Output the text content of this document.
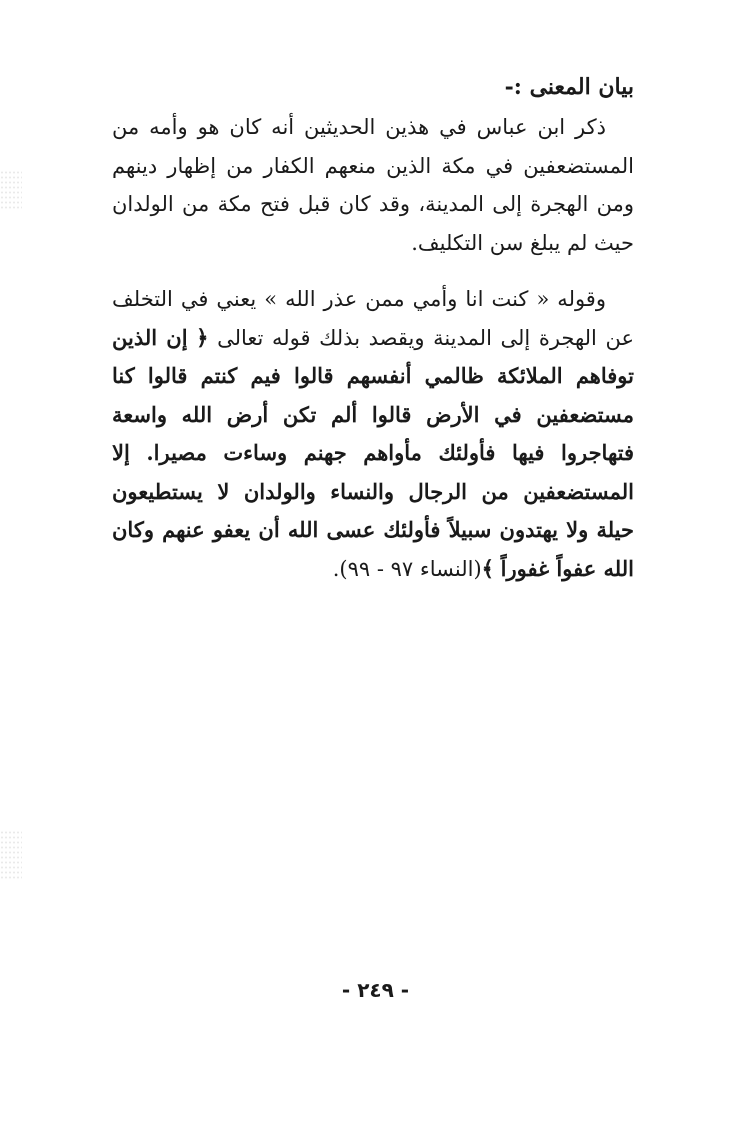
بيان المعنى :-

ذكر ابن عباس في هذين الحديثين أنه كان هو وأمه من المستضعفين في مكة الذين منعهم الكفار من إظهار دينهم ومن الهجرة إلى المدينة، وقد كان قبل فتح مكة من الولدان حيث لم يبلغ سن التكليف.

وقوله « كنت انا وأمي ممن عذر الله » يعني في التخلف عن الهجرة إلى المدينة ويقصد بذلك قوله تعالى ﴿ إن الذين توفاهم الملائكة ظالمي أنفسهم قالوا فيم كنتم قالوا كنا مستضعفين في الأرض قالوا ألم تكن أرض الله واسعة فتهاجروا فيها فأولئك مأواهم جهنم وساءت مصيرا. إلا المستضعفين من الرجال والنساء والولدان لا يستطيعون حيلة ولا يهتدون سبيلاً فأولئك عسى الله أن يعفو عنهم وكان الله عفواً غفوراً ﴾(النساء ٩٧ - ٩٩).

- ٢٤٩ -
